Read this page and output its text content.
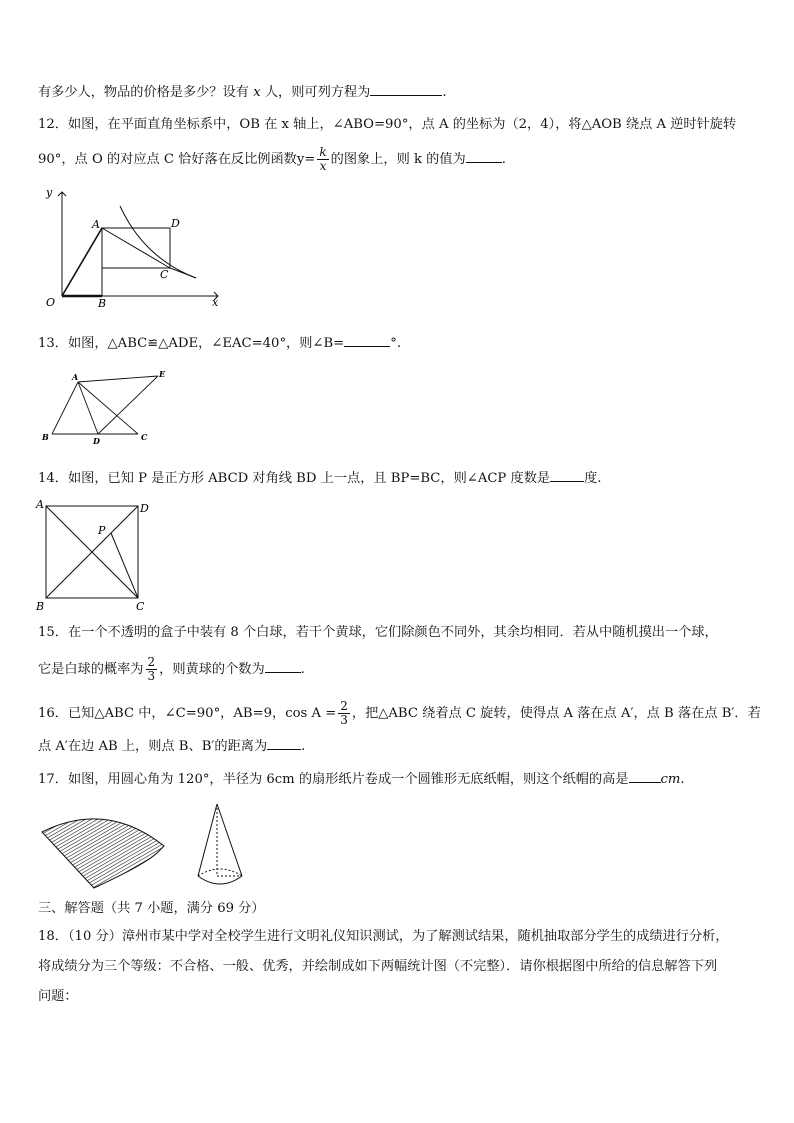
有多少人，物品的价格是多少？设有 x 人，则可列方程为	.
12．如图，在平面直角坐标系中，OB 在 x 轴上，∠ABO=90°，点 A 的坐标为（2，4），将△AOB 绕点 A 逆时针旋转
90°，点 O 的对应点 C 恰好落在反比例函数$y= \frac{k}{x}$ 的图象上，则 k 的值为	.
y
x
O
A
B
C
D
13．如图，△ABC≌△ADE，∠EAC=40°，则∠B=	°.
A
B	C
D
E
14．如图，已知 P 是正方形 ABCD 对角线 BD 上一点，且 BP=BC，则∠ACP 度数是	度.
A
B	C
D
P
15．在一个不透明的盒子中装有 8 个白球，若干个黄球，它们除颜色不同外，其余均相同．若从中随机摸出一个球，
它是白球的概率为 $\frac{2}{3}$ ，则黄球的个数为	.
16．已知△ABC 中，∠C=90°，AB=9，$\cos A = \frac{2}{3}$ ，把△ABC 绕着点 C 旋转，使得点 A 落在点 A′，点 B 落在点 B′．若
点 A′在边 AB 上，则点 B、B′的距离为	.
17．如图，用圆心角为 120°，半径为 6cm 的扇形纸片卷成一个圆锥形无底纸帽，则这个纸帽的高是 cm.
三、解答题（共 7 小题，满分 69 分）
18．（10 分）漳州市某中学对全校学生进行文明礼仪知识测试，为了解测试结果，随机抽取部分学生的成绩进行分析，
将成绩分为三个等级：不合格、一般、优秀，并绘制成如下两幅统计图（不完整）．请你根据图中所给的信息解答下列
问题：
